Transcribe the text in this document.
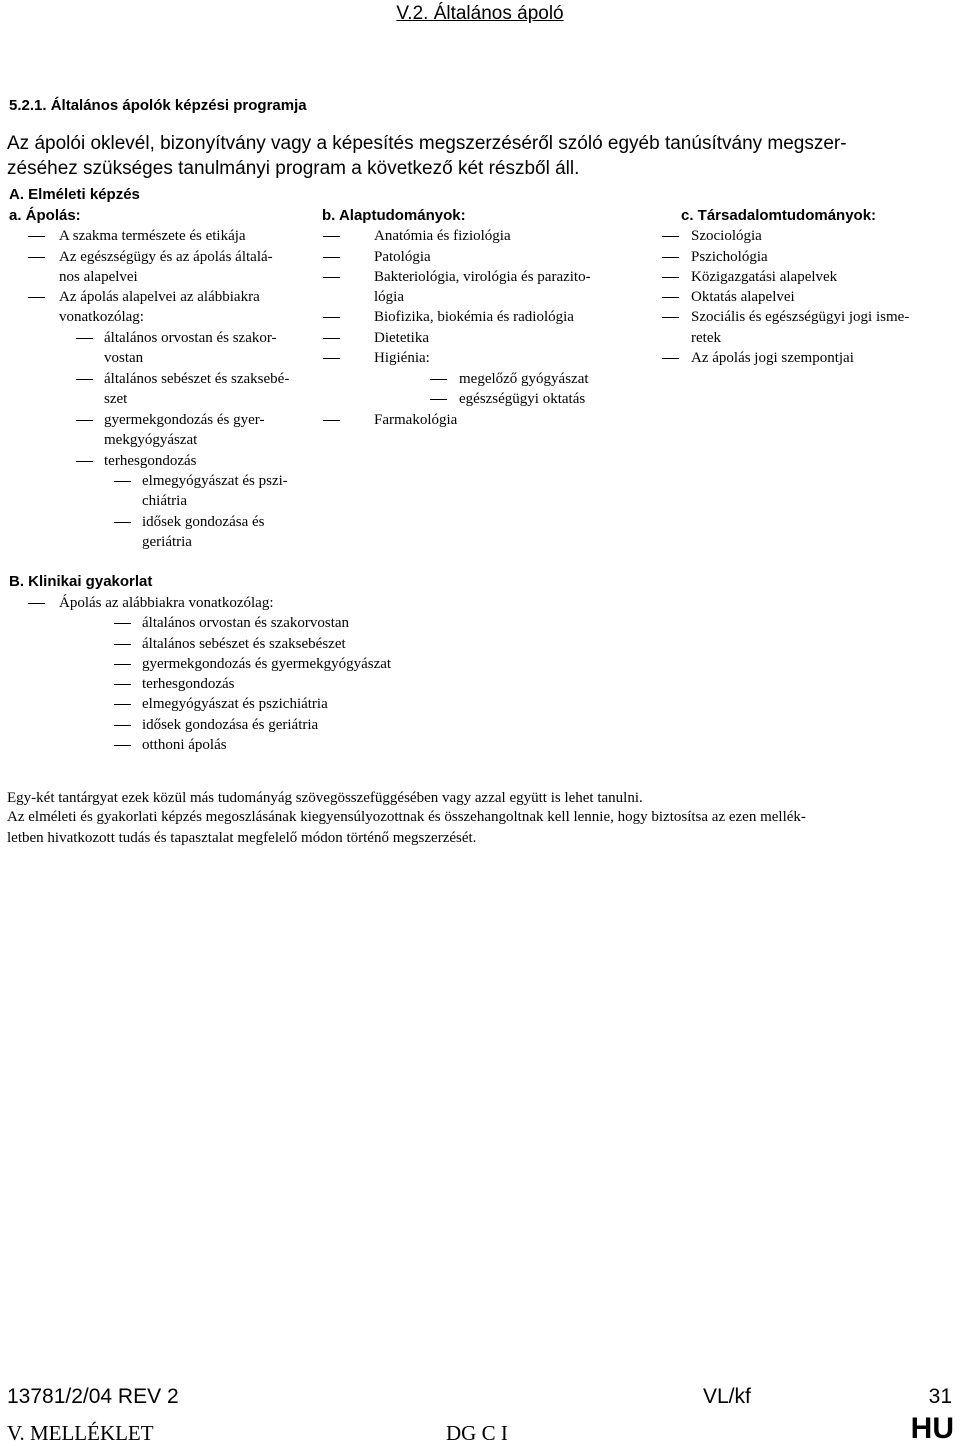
V.2. Általános ápoló
5.2.1. Általános ápolók képzési programja
Az ápolói oklevél, bizonyítvány vagy a képesítés megszerzéséről szóló egyéb tanúsítvány megszer-
zéséhez szükséges tanulmányi program a következő két részből áll.
A. Elméleti képzés
a. Ápolás:
A szakma természete és etikája
Az egészségügy és az ápolás általá-
nos alapelvei
Az ápolás alapelvei az alábbiakra
vonatkozólag:
általános orvostan és szakor-
vostan
általános sebészet és szaksebé-
szet
gyermekgondozás és gyer-
mekgyógyászat
terhesgondozás
elmegyógyászat és pszi-
chiátria
idősek gondozása és
geriátria
b. Alaptudományok:
Anatómia és fiziológia
Patológia
Bakteriológia, virológia és parazito-
lógia
Biofizika, biokémia és radiológia
Dietetika
Higiénia:
megelőző gyógyászat
egészségügyi oktatás
Farmakológia
c. Társadalomtudományok:
Szociológia
Pszichológia
Közigazgatási alapelvek
Oktatás alapelvei
Szociális és egészségügyi jogi isme-
retek
Az ápolás jogi szempontjai
B. Klinikai gyakorlat
Ápolás az alábbiakra vonatkozólag:
általános orvostan és szakorvostan
általános sebészet és szaksebészet
gyermekgondozás és gyermekgyógyászat
terhesgondozás
elmegyógyászat és pszichiátria
idősek gondozása és geriátria
otthoni ápolás
Egy-két tantárgyat ezek közül más tudományág szövegösszefüggésében vagy azzal együtt is lehet tanulni.
Az elméleti és gyakorlati képzés megoszlásának kiegyensúlyozottnak és összehangoltnak kell lennie, hogy biztosítsa az ezen mellék-
letben hivatkozott tudás és tapasztalat megfelelő módon történő megszerzését.
13781/2/04 REV 2	VL/kf	31
V. MELLÉKLET	DG C I	HU
